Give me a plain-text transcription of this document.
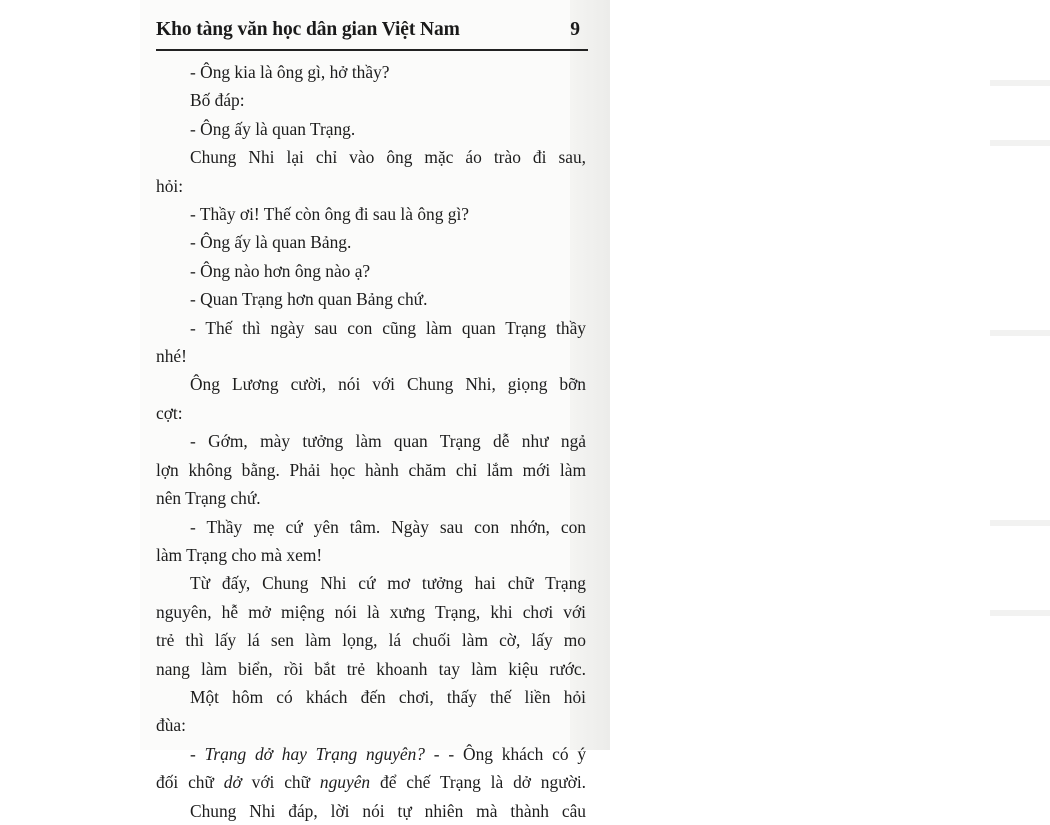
Kho tàng văn học dân gian Việt Nam	9

- Ông kia là ông gì, hở thầy?

Bố đáp:

- Ông ấy là quan Trạng.

Chung Nhi lại chỉ vào ông mặc áo trào đi sau,

hỏi:

- Thầy ơi! Thế còn ông đi sau là ông gì?

- Ông ấy là quan Bảng.

- Ông nào hơn ông nào ạ?

- Quan Trạng hơn quan Bảng chứ.

- Thế thì ngày sau con cũng làm quan Trạng thầy

nhé!

Ông Lương cười, nói với Chung Nhi, giọng bỡn

cợt:

- Gớm, mày tưởng làm quan Trạng dễ như ngả

lợn không bằng. Phải học hành chăm chỉ lắm mới làm

nên Trạng chứ.

- Thầy mẹ cứ yên tâm. Ngày sau con nhớn, con

làm Trạng cho mà xem!

Từ đấy, Chung Nhi cứ mơ tưởng hai chữ Trạng

nguyên, hễ mở miệng nói là xưng Trạng, khi chơi với

trẻ thì lấy lá sen làm lọng, lá chuối làm cờ, lấy mo

nang làm biển, rồi bắt trẻ khoanh tay làm kiệu rước.

Một hôm có khách đến chơi, thấy thế liền hỏi

đùa:

- Trạng dở hay Trạng nguyên? - - Ông khách có ý

đối chữ dở với chữ nguyên để chế Trạng là dở người.

Chung Nhi đáp, lời nói tự nhiên mà thành câu
